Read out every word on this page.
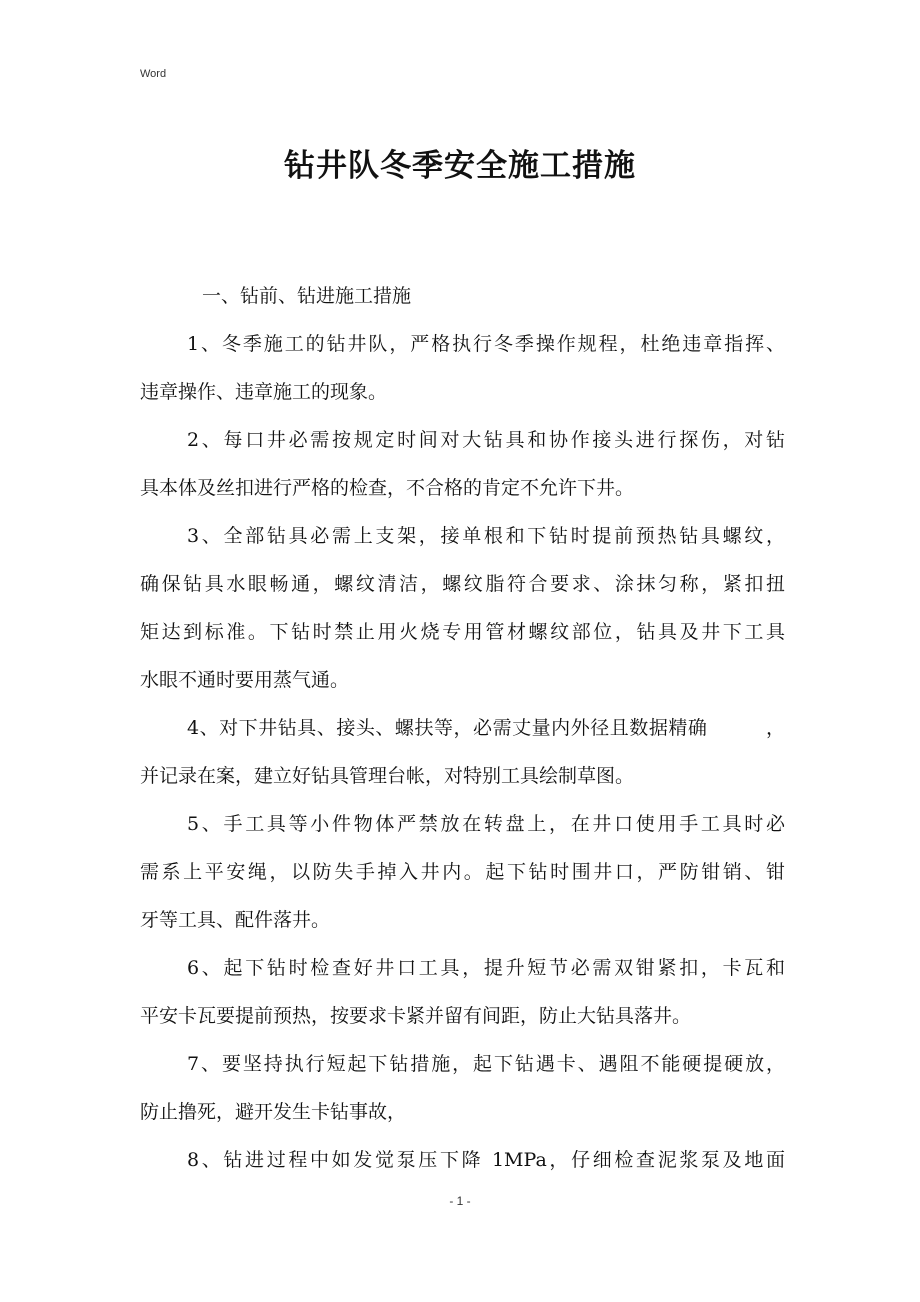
Word
钻井队冬季安全施工措施
一、钻前、钻进施工措施
1、冬季施工的钻井队，严格执行冬季操作规程，杜绝违章指挥、
违章操作、违章施工的现象。
2、每口井必需按规定时间对大钻具和协作接头进行探伤，对钻
具本体及丝扣进行严格的检查，不合格的肯定不允许下井。
3、全部钻具必需上支架，接单根和下钻时提前预热钻具螺纹，
确保钻具水眼畅通，螺纹清洁，螺纹脂符合要求、涂抹匀称，紧扣扭
矩达到标准。下钻时禁止用火烧专用管材螺纹部位，钻具及井下工具
水眼不通时要用蒸气通。
4、对下井钻具、接头、螺扶等，必需丈量内外径且数据精确　　　，
并记录在案，建立好钻具管理台帐，对特别工具绘制草图。
5、手工具等小件物体严禁放在转盘上，在井口使用手工具时必
需系上平安绳，以防失手掉入井内。起下钻时围井口，严防钳销、钳
牙等工具、配件落井。
6、起下钻时检查好井口工具，提升短节必需双钳紧扣，卡瓦和
平安卡瓦要提前预热，按要求卡紧并留有间距，防止大钻具落井。
7、要坚持执行短起下钻措施，起下钻遇卡、遇阻不能硬提硬放，
防止撸死，避开发生卡钻事故，
8、钻进过程中如发觉泵压下降 1MPa，仔细检查泥浆泵及地面
- 1 -
